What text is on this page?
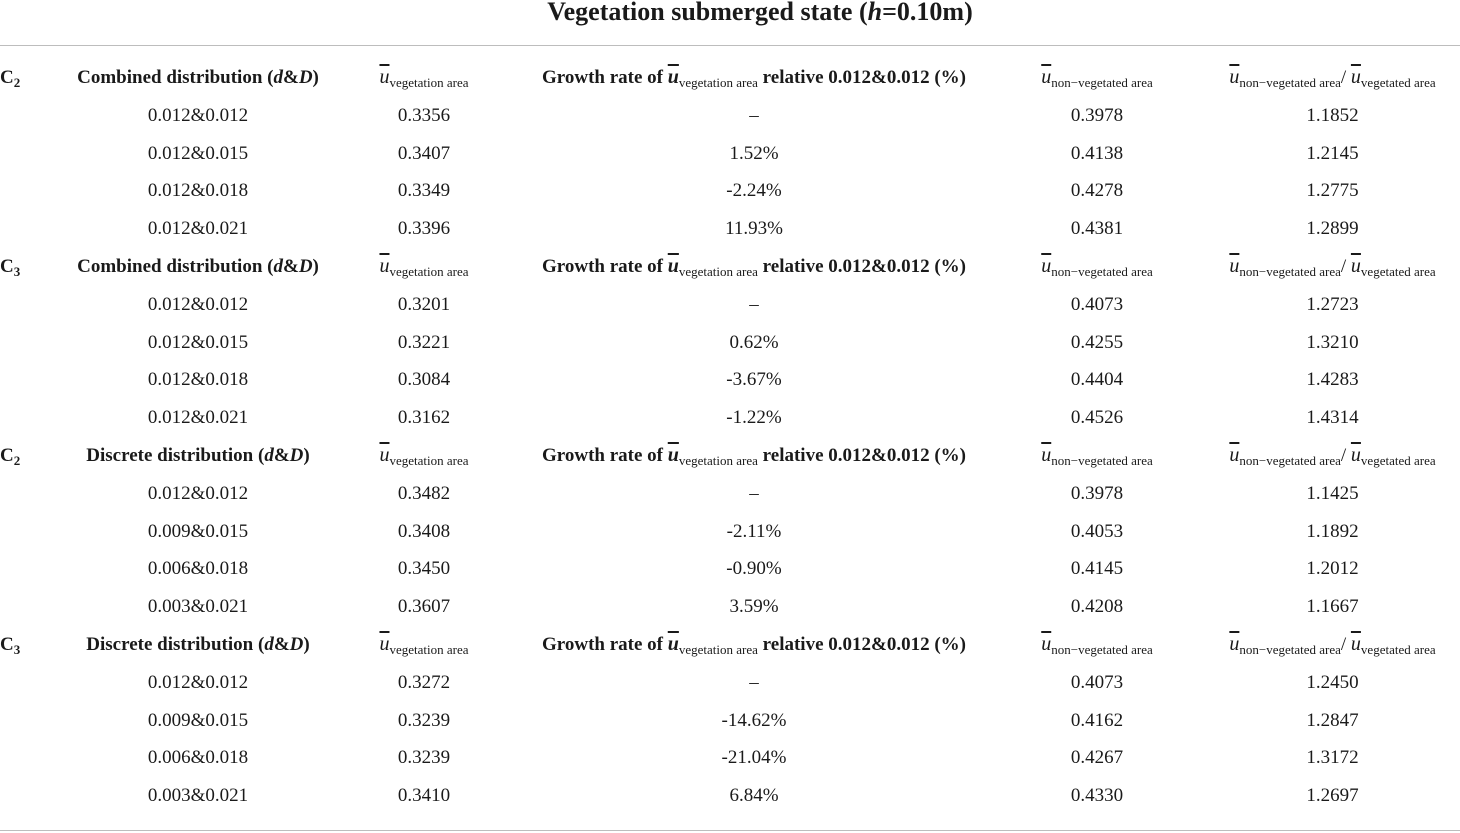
Vegetation submerged state (h=0.10m)
$C_2$	Combined distribution (d&D)	$\overline{u}_{vegetation area}$	Growth rate of $\overline{u}_{vegetation area}$ relative 0.012&0.012 (%)	$\overline{u}_{non-vegetated area}$	$\overline{u}_{non-vegetated area}/$ $\overline{u}_{vegetated area}$
0.012&0.012	0.3356	–	0.3978	1.1852
0.012&0.015	0.3407	1.52%	0.4138	1.2145
0.012&0.018	0.3349	-2.24%	0.4278	1.2775
0.012&0.021	0.3396	11.93%	0.4381	1.2899
$C_3$	Combined distribution (d&D)	$\overline{u}_{vegetation area}$	Growth rate of $\overline{u}_{vegetation area}$ relative 0.012&0.012 (%)	$\overline{u}_{non-vegetated area}$	$\overline{u}_{non-vegetated area}/$ $\overline{u}_{vegetated area}$
0.012&0.012	0.3201	–	0.4073	1.2723
0.012&0.015	0.3221	0.62%	0.4255	1.3210
0.012&0.018	0.3084	-3.67%	0.4404	1.4283
0.012&0.021	0.3162	-1.22%	0.4526	1.4314
$C_2$	Discrete distribution (d&D)	$\overline{u}_{vegetation area}$	Growth rate of $\overline{u}_{vegetation area}$ relative 0.012&0.012 (%)	$\overline{u}_{non-vegetated area}$	$\overline{u}_{non-vegetated area}/$ $\overline{u}_{vegetated area}$
0.012&0.012	0.3482	–	0.3978	1.1425
0.009&0.015	0.3408	-2.11%	0.4053	1.1892
0.006&0.018	0.3450	-0.90%	0.4145	1.2012
0.003&0.021	0.3607	3.59%	0.4208	1.1667
$C_3$	Discrete distribution (d&D)	$\overline{u}_{vegetation area}$	Growth rate of $\overline{u}_{vegetation area}$ relative 0.012&0.012 (%)	$\overline{u}_{non-vegetated area}$	$\overline{u}_{non-vegetated area}/$ $\overline{u}_{vegetated area}$
0.012&0.012	0.3272	–	0.4073	1.2450
0.009&0.015	0.3239	-14.62%	0.4162	1.2847
0.006&0.018	0.3239	-21.04%	0.4267	1.3172
0.003&0.021	0.3410	6.84%	0.4330	1.2697
